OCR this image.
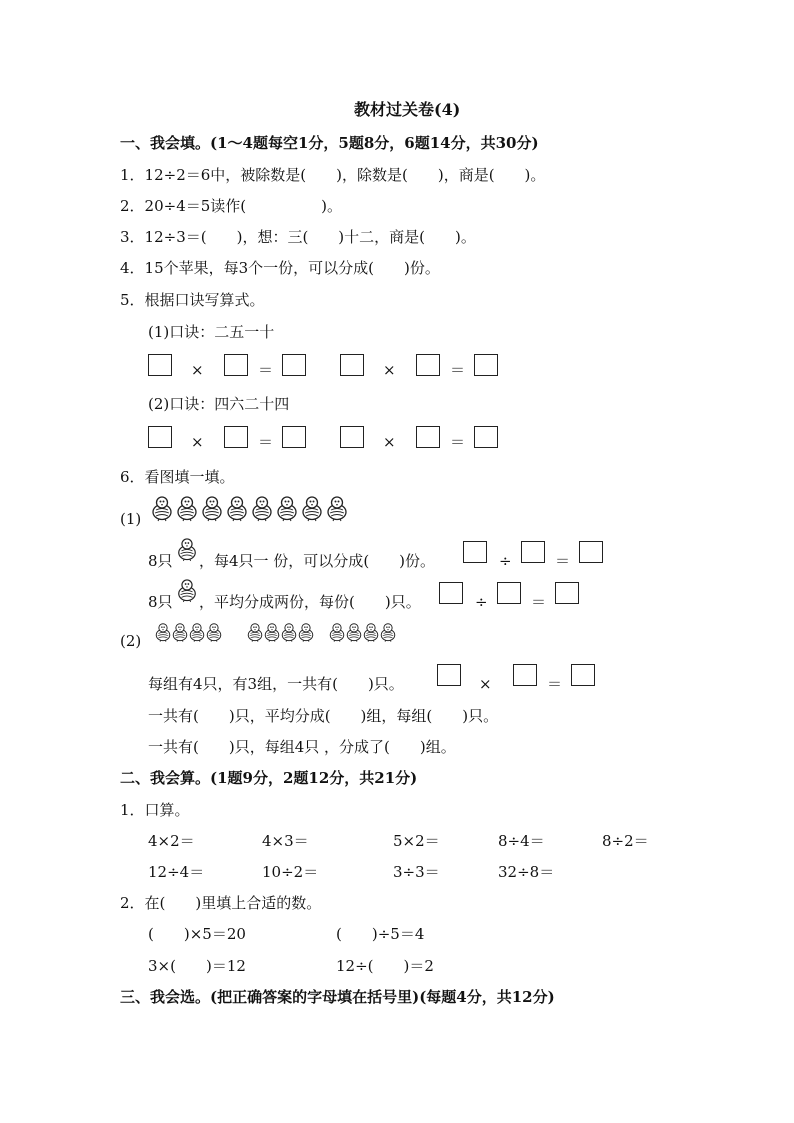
教材过关卷(4)
一、我会填。(1～4题每空1分，5题8分，6题14分，共30分)
1．12÷2＝6中，被除数是(　　)，除数是(　　)，商是(　　)。
2．20÷4＝5读作(　　　　　)。
3．12÷3＝(　　)，想：三(　　)十二，商是(　　)。
4．15个苹果，每3个一份，可以分成(　　)份。
5．根据口诀写算式。
(1)口诀：二五一十
×	＝	×	＝
(2)口诀：四六二十四
×	＝	×	＝
6．看图填一填。
(1)
8只 ，每4只一 份，可以分成(　　)份。	÷	＝
8只 ，平均分成两份，每份(　　)只。	÷	＝
(2)
每组有4只，有3组，一共有(　　)只。	×	＝
一共有(　　)只，平均分成(　　)组，每组(　　)只。
一共有(　　)只，每组4只 ，分成了(　　)组。
二、我会算。(1题9分，2题12分，共21分)
1．口算。
4×2＝	4×3＝	5×2＝	8÷4＝	8÷2＝
12÷4＝	10÷2＝	3÷3＝	32÷8＝
2．在(　　)里填上合适的数。
(　　)×5＝20	(　　)÷5＝4
3×(　　)＝12	12÷(　　)＝2
三、我会选。(把正确答案的字母填在括号里)(每题4分，共12分)
